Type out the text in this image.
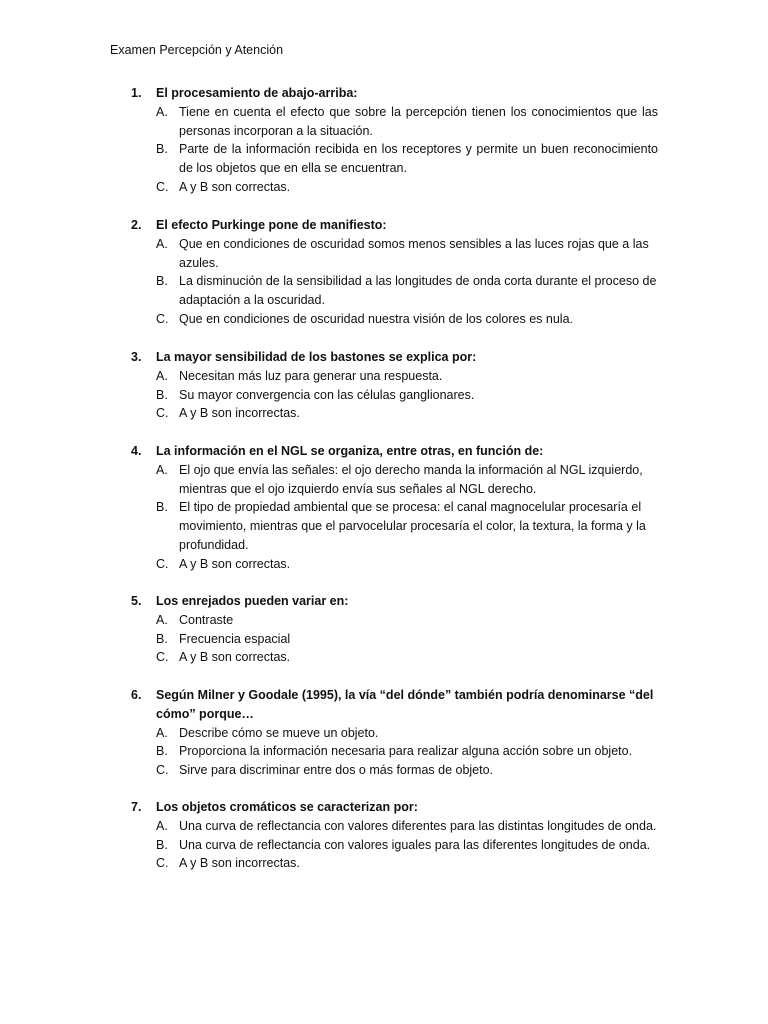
Examen Percepción y Atención
1.	El procesamiento de abajo-arriba:
A. Tiene en cuenta el efecto que sobre la percepción tienen los conocimientos que las personas incorporan a la situación.
B. Parte de la información recibida en los receptores y permite un buen reconocimiento de los objetos que en ella se encuentran.
C. A y B son correctas.
2.	El efecto Purkinge pone de manifiesto:
A. Que en condiciones de oscuridad somos menos sensibles a las luces rojas que a las azules.
B. La disminución de la sensibilidad a las longitudes de onda corta durante el proceso de adaptación a la oscuridad.
C. Que en condiciones de oscuridad nuestra visión de los colores es nula.
3.	La mayor sensibilidad de los bastones se explica por:
A. Necesitan más luz para generar una respuesta.
B. Su mayor convergencia con las células ganglionares.
C. A y B son incorrectas.
4.	La información en el NGL se organiza, entre otras, en función de:
A. El ojo que envía las señales: el ojo derecho manda la información al NGL izquierdo, mientras que el ojo izquierdo envía sus señales al NGL derecho.
B. El tipo de propiedad ambiental que se procesa: el canal magnocelular procesaría el movimiento, mientras que el parvocelular procesaría el color, la textura, la forma y la profundidad.
C. A y B son correctas.
5.	Los enrejados pueden variar en:
A. Contraste
B. Frecuencia espacial
C. A y B son correctas.
6.	Según Milner y Goodale (1995), la vía “del dónde” también podría denominarse “del cómo” porque…
A. Describe cómo se mueve un objeto.
B. Proporciona la información necesaria para realizar alguna acción sobre un objeto.
C. Sirve para discriminar entre dos o más formas de objeto.
7.	Los objetos cromáticos se caracterizan por:
A. Una curva de reflectancia con valores diferentes para las distintas longitudes de onda.
B. Una curva de reflectancia con valores iguales para las diferentes longitudes de onda.
C. A y B son incorrectas.
